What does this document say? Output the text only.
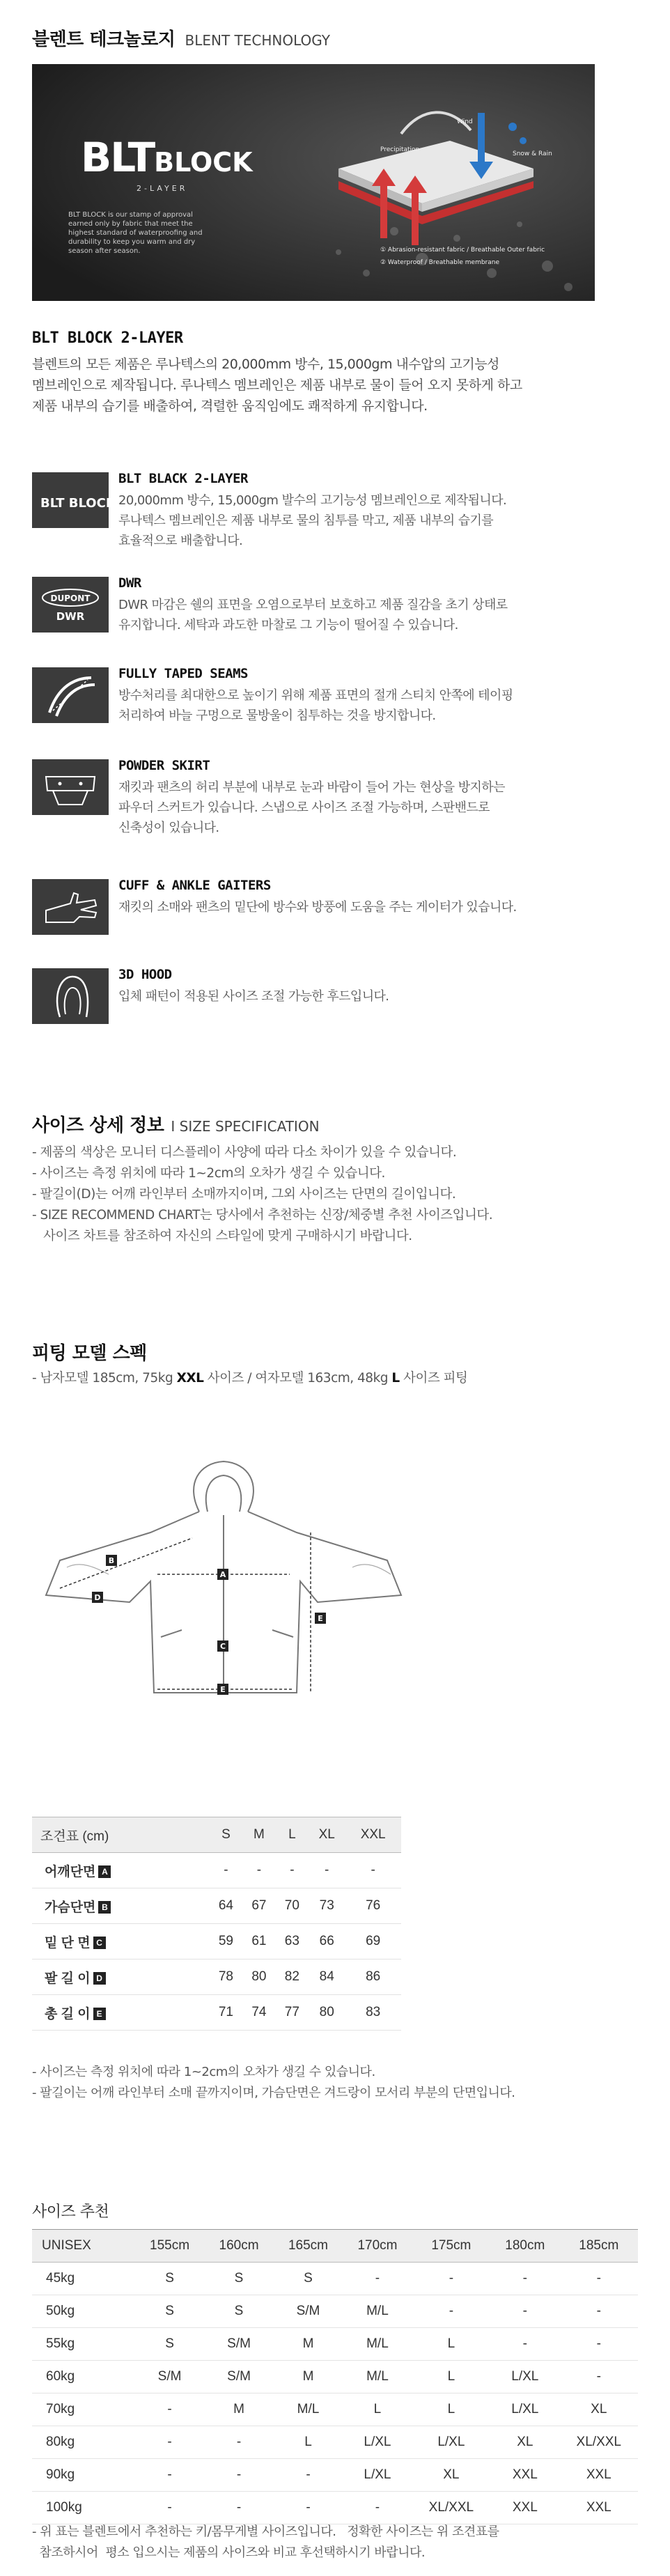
블렌트 테크놀로지 BLENT TECHNOLOGY
BLTBLOCK
2-LAYER
BLT BLOCK is our stamp of approval earned only by fabric that meet the highest standard of waterproofing and durability to keep you warm and dry season after season.
Wind
Precipitation
Snow & Rain
① Abrasion-resistant fabric / Breathable Outer fabric
② Waterproof / Breathable membrane
BLT BLOCK 2-LAYER
블렌트의 모든 제품은 루나텍스의 20,000mm 방수, 15,000gm 내수압의 고기능성
멤브레인으로 제작됩니다. 루나텍스 멤브레인은 제품 내부로 물이 들어 오지 못하게 하고
제품 내부의 습기를 배출하여, 격렬한 움직임에도 쾌적하게 유지합니다.
BLT BLOCK
BLT BLACK 2-LAYER
20,000mm 방수, 15,000gm 발수의 고기능성 멤브레인으로 제작됩니다.
루나텍스 멤브레인은 제품 내부로 물의 침투를 막고, 제품 내부의 습기를
효율적으로 배출합니다.
DUPONT
DWR
DWR
DWR 마감은 쉘의 표면을 오염으로부터 보호하고 제품 질감을 초기 상태로
유지합니다. 세탁과 과도한 마찰로 그 기능이 떨어질 수 있습니다.
FULLY TAPED SEAMS
방수처리를 최대한으로 높이기 위해 제품 표면의 절개 스티치 안쪽에 테이핑
처리하여 바늘 구멍으로 물방울이 침투하는 것을 방지합니다.
POWDER SKIRT
재킷과 팬츠의 허리 부분에 내부로 눈과 바람이 들어 가는 현상을 방지하는
파우더 스커트가 있습니다. 스냅으로 사이즈 조절 가능하며, 스판밴드로
신축성이 있습니다.
CUFF & ANKLE GAITERS
재킷의 소매와 팬츠의 밑단에 방수와 방풍에 도움을 주는 게이터가 있습니다.
3D HOOD
입체 패턴이 적용된 사이즈 조절 가능한 후드입니다.
사이즈 상세 정보 I SIZE SPECIFICATION
- 제품의 색상은 모니터 디스플레이 사양에 따라 다소 차이가 있을 수 있습니다.
- 사이즈는 측정 위치에 따라 1~2cm의 오차가 생길 수 있습니다.
- 팔길이(D)는 어깨 라인부터 소매까지이며, 그외 사이즈는 단면의 길이입니다.
- SIZE RECOMMEND CHART는 당사에서 추천하는 신장/체중별 추천 사이즈입니다.
사이즈 차트를 참조하여 자신의 스타일에 맞게 구매하시기 바랍니다.
피팅 모델 스펙
- 남자모델 185cm, 75kg XXL 사이즈 / 여자모델 163cm, 48kg L 사이즈 피팅
B
A
C
D
E
E
조견표 (cm)	S	M	L	XL	XXL
어깨단면 A	-	-	-	-	-
가슴단면 B	64	67	70	73	76
밑 단 면 C	59	61	63	66	69
팔 길 이 D	78	80	82	84	86
총 길 이 E	71	74	77	80	83
- 사이즈는 측정 위치에 따라 1~2cm의 오차가 생길 수 있습니다.
- 팔길이는 어깨 라인부터 소매 끝까지이며, 가슴단면은 겨드랑이 모서리 부분의 단면입니다.
사이즈 추천
UNISEX	155cm	160cm	165cm	170cm	175cm	180cm	185cm
45kg	S	S	S	-	-	-	-
50kg	S	S	S/M	M/L	-	-	-
55kg	S	S/M	M	M/L	L	-	-
60kg	S/M	S/M	M	M/L	L	L/XL	-
70kg	-	M	M/L	L	L	L/XL	XL
80kg	-	-	L	L/XL	L/XL	XL	XL/XXL
90kg	-	-	-	L/XL	XL	XXL	XXL
100kg	-	-	-	-	XL/XXL	XXL	XXL
- 위 표는 블렌트에서 추천하는 키/몸무게별 사이즈입니다.   정확한 사이즈는 위 조견표를
참조하시어  평소 입으시는 제품의 사이즈와 비교 후선택하시기 바랍니다.
